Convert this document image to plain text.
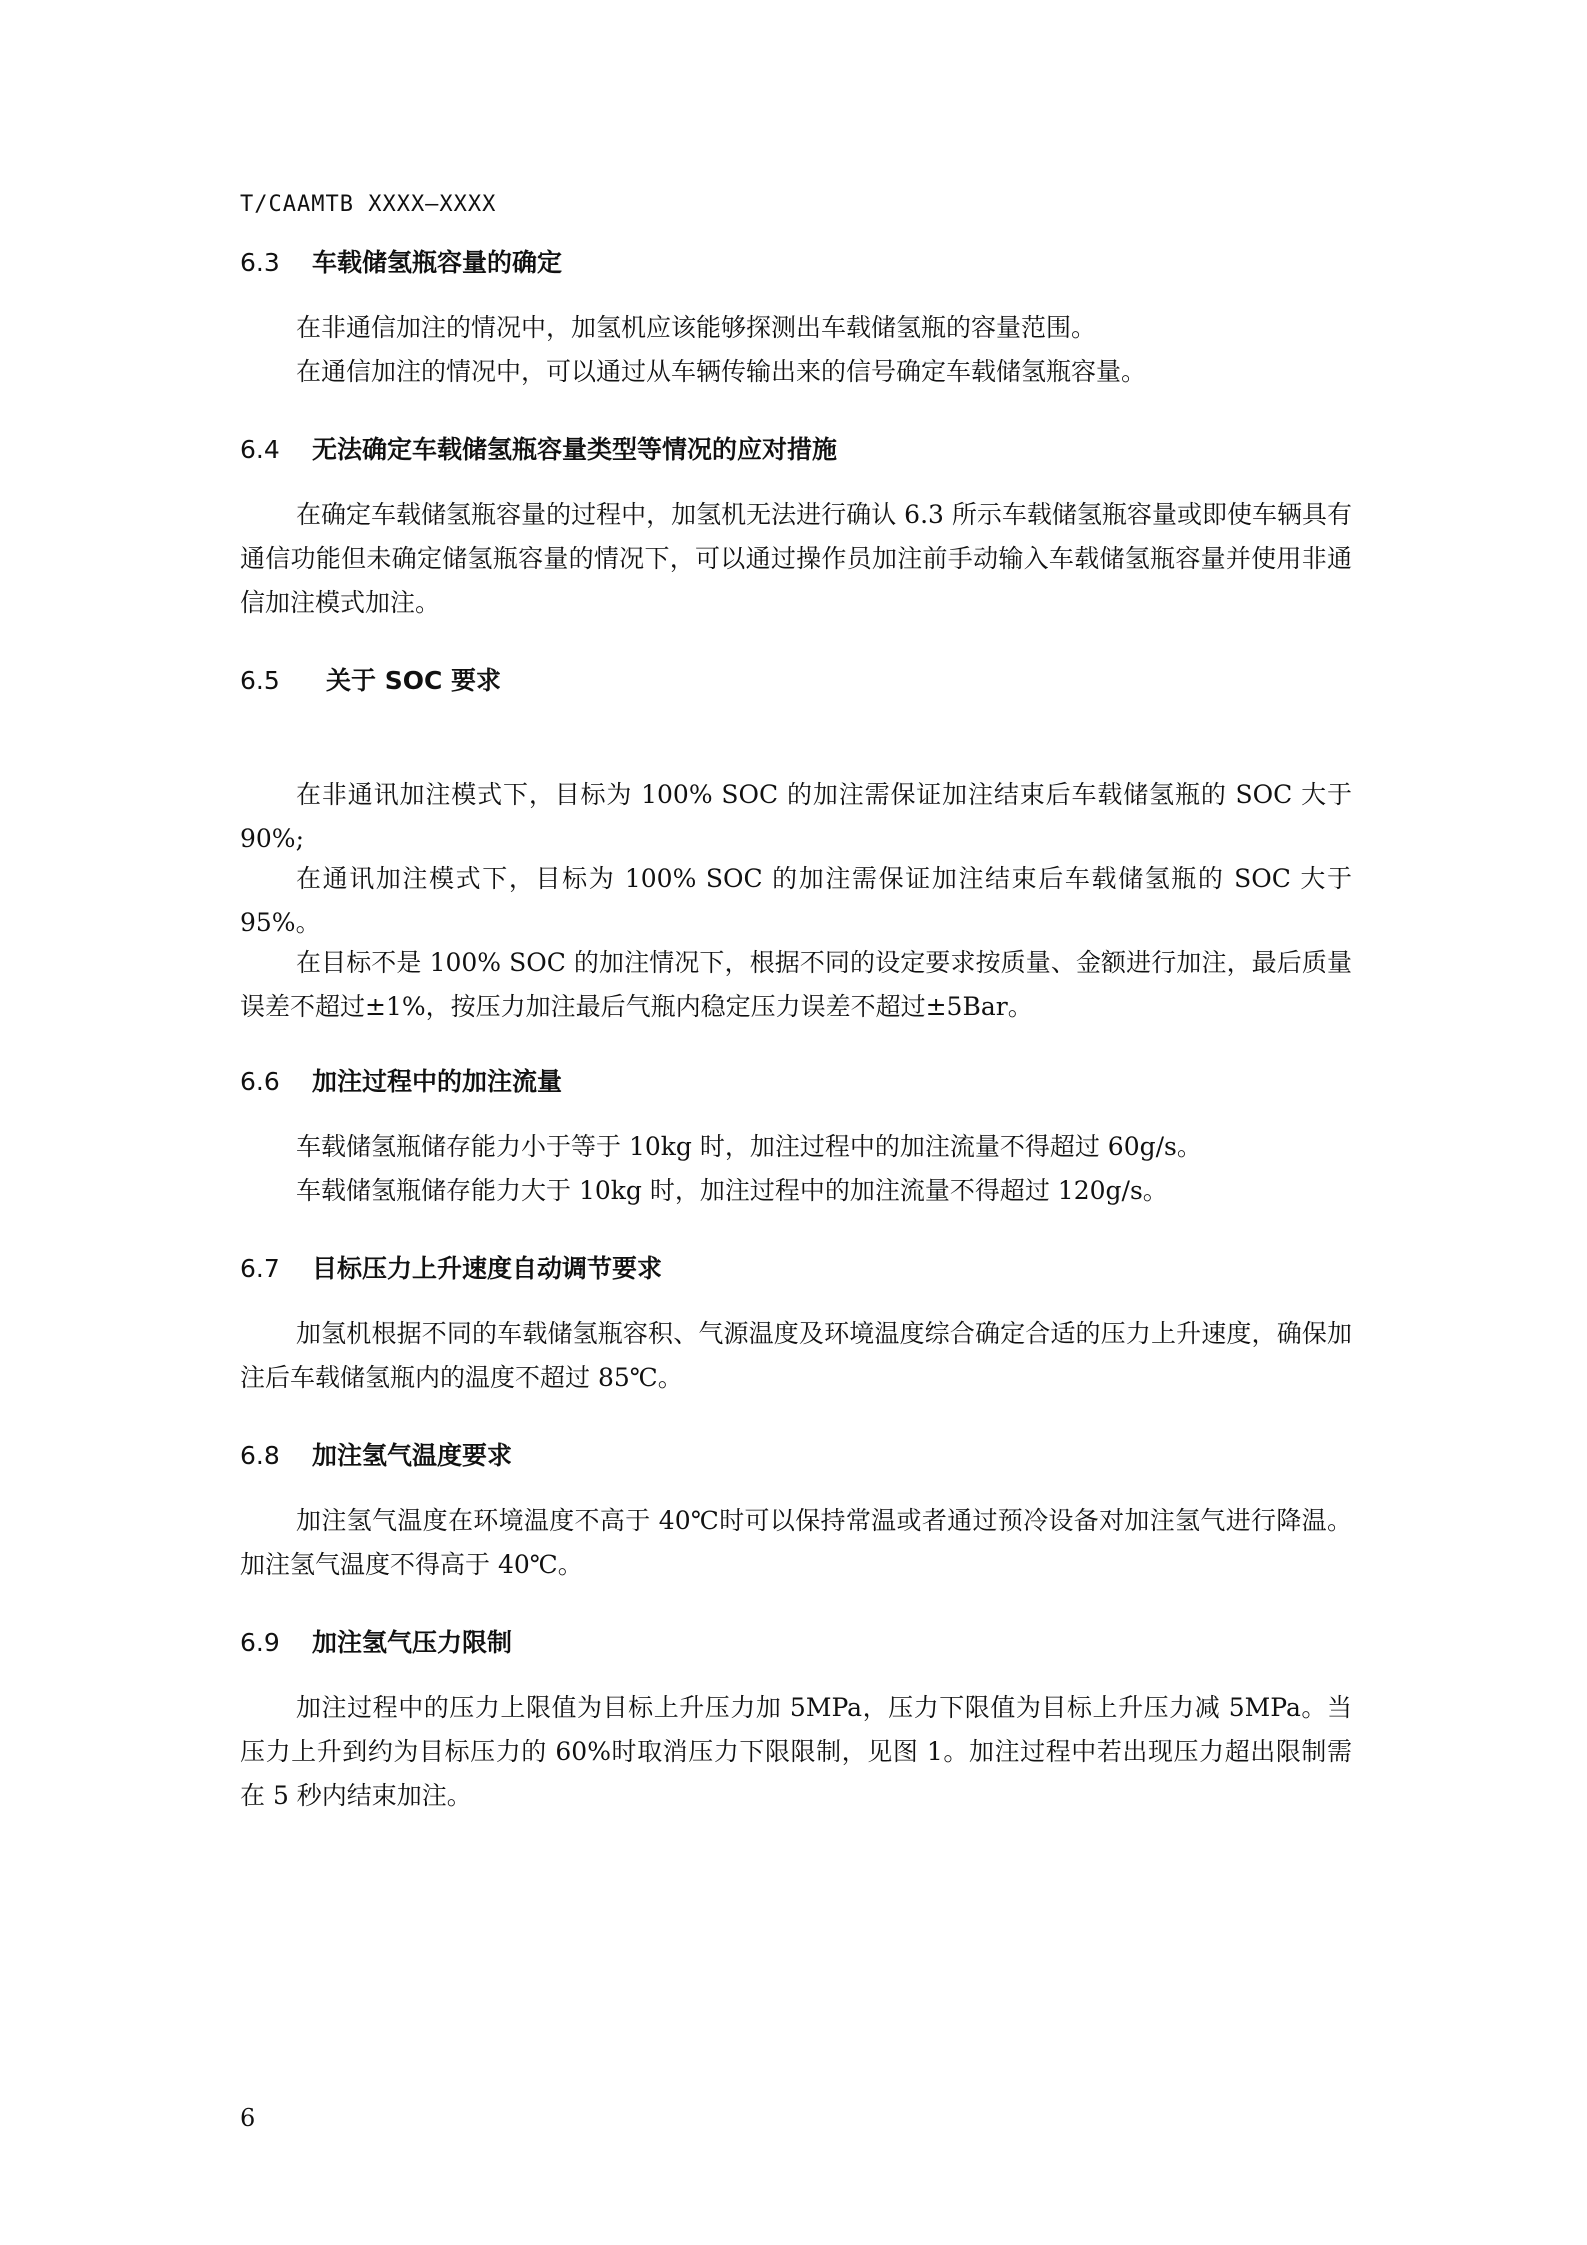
T/CAAMTB XXXX—XXXX
6.3 车载储氢瓶容量的确定

在非通信加注的情况中，加氢机应该能够探测出车载储氢瓶的容量范围。

在通信加注的情况中，可以通过从车辆传输出来的信号确定车载储氢瓶容量。

6.4 无法确定车载储氢瓶容量类型等情况的应对措施

在确定车载储氢瓶容量的过程中，加氢机无法进行确认 6.3 所示车载储氢瓶容量或即使车辆具有通信功能但未确定储氢瓶容量的情况下，可以通过操作员加注前手动输入车载储氢瓶容量并使用非通信加注模式加注。

6.5 关于 SOC 要求

在非通讯加注模式下，目标为 100% SOC 的加注需保证加注结束后车载储氢瓶的 SOC 大于 90%;

在通讯加注模式下，目标为 100% SOC 的加注需保证加注结束后车载储氢瓶的 SOC 大于 95%。

在目标不是 100% SOC 的加注情况下，根据不同的设定要求按质量、金额进行加注，最后质量误差不超过±1%，按压力加注最后气瓶内稳定压力误差不超过±5Bar。

6.6 加注过程中的加注流量

车载储氢瓶储存能力小于等于 10kg 时，加注过程中的加注流量不得超过 60g/s。

车载储氢瓶储存能力大于 10kg 时，加注过程中的加注流量不得超过 120g/s。

6.7 目标压力上升速度自动调节要求

加氢机根据不同的车载储氢瓶容积、气源温度及环境温度综合确定合适的压力上升速度，确保加注后车载储氢瓶内的温度不超过 85℃。

6.8 加注氢气温度要求

加注氢气温度在环境温度不高于 40℃时可以保持常温或者通过预冷设备对加注氢气进行降温。加注氢气温度不得高于 40℃。

6.9 加注氢气压力限制

加注过程中的压力上限值为目标上升压力加 5MPa，压力下限值为目标上升压力减 5MPa。当压力上升到约为目标压力的 60%时取消压力下限限制，见图 1。加注过程中若出现压力超出限制需在 5 秒内结束加注。

6
